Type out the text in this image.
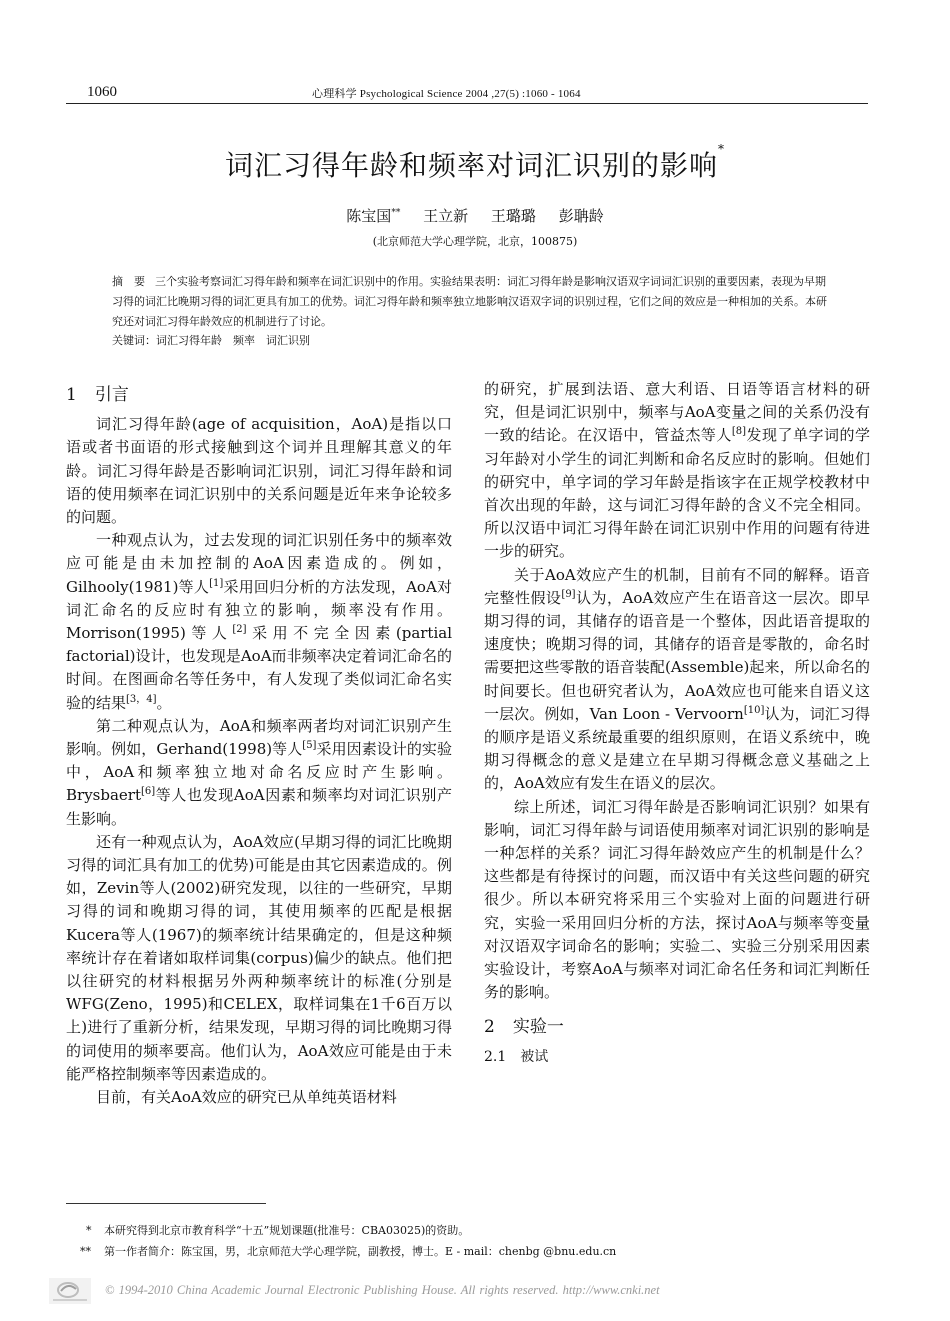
1060	心理科学 Psychological Science 2004 ,27(5) :1060 - 1064
词汇习得年龄和频率对词汇识别的影响*
陈宝国** 王立新 王璐璐 彭聃龄
(北京师范大学心理学院，北京，100875)
摘　要 三个实验考察词汇习得年龄和频率在词汇识别中的作用。实验结果表明：词汇习得年龄是影响汉语双字词词汇识别的重要因素，表现为早期习得的词汇比晚期习得的词汇更具有加工的优势。词汇习得年龄和频率独立地影响汉语双字词的识别过程，它们之间的效应是一种相加的关系。本研究还对词汇习得年龄效应的机制进行了讨论。
关键词：词汇习得年龄　频率　词汇识别
1 引言

词汇习得年龄(age of acquisition，AoA)是指以口语或者书面语的形式接触到这个词并且理解其意义的年龄。词汇习得年龄是否影响词汇识别，词汇习得年龄和词语的使用频率在词汇识别中的关系问题是近年来争论较多的问题。

一种观点认为，过去发现的词汇识别任务中的频率效应可能是由未加控制的AoA因素造成的。例如，Gilhooly(1981)等人[1]采用回归分析的方法发现，AoA对词汇命名的反应时有独立的影响，频率没有作用。Morrison(1995)等人[2]采用不完全因素(partial factorial)设计，也发现是AoA而非频率决定着词汇命名的时间。在图画命名等任务中，有人发现了类似词汇命名实验的结果[3，4]。

第二种观点认为，AoA和频率两者均对词汇识别产生影响。例如，Gerhand(1998)等人[5]采用因素设计的实验中，AoA和频率独立地对命名反应时产生影响。Brysbaert[6]等人也发现AoA因素和频率均对词汇识别产生影响。

还有一种观点认为，AoA效应(早期习得的词汇比晚期习得的词汇具有加工的优势)可能是由其它因素造成的。例如，Zevin等人(2002)研究发现，以往的一些研究，早期习得的词和晚期习得的词，其使用频率的匹配是根据Kucera等人(1967)的频率统计结果确定的，但是这种频率统计存在着诸如取样词集(corpus)偏少的缺点。他们把以往研究的材料根据另外两种频率统计的标准(分别是WFG(Zeno，1995)和CELEX，取样词集在1千6百万以上)进行了重新分析，结果发现，早期习得的词比晚期习得的词使用的频率要高。他们认为，AoA效应可能是由于未能严格控制频率等因素造成的。

目前，有关AoA效应的研究已从单纯英语材料

的研究，扩展到法语、意大利语、日语等语言材料的研究，但是词汇识别中，频率与AoA变量之间的关系仍没有一致的结论。在汉语中，管益杰等人[8]发现了单字词的学习年龄对小学生的词汇判断和命名反应时的影响。但她们的研究中，单字词的学习年龄是指该字在正规学校教材中首次出现的年龄，这与词汇习得年龄的含义不完全相同。所以汉语中词汇习得年龄在词汇识别中作用的问题有待进一步的研究。

关于AoA效应产生的机制，目前有不同的解释。语音完整性假设[9]认为，AoA效应产生在语音这一层次。即早期习得的词，其储存的语音是一个整体，因此语音提取的速度快；晚期习得的词，其储存的语音是零散的，命名时需要把这些零散的语音装配(Assemble)起来，所以命名的时间要长。但也研究者认为，AoA效应也可能来自语义这一层次。例如，Van Loon - Vervoorn[10]认为，词汇习得的顺序是语义系统最重要的组织原则，在语义系统中，晚期习得概念的意义是建立在早期习得概念意义基础之上的，AoA效应有发生在语义的层次。

综上所述，词汇习得年龄是否影响词汇识别？如果有影响，词汇习得年龄与词语使用频率对词汇识别的影响是一种怎样的关系？词汇习得年龄效应产生的机制是什么？这些都是有待探讨的问题，而汉语中有关这些问题的研究很少。所以本研究将采用三个实验对上面的问题进行研究，实验一采用回归分析的方法，探讨AoA与频率等变量对汉语双字词命名的影响；实验二、实验三分别采用因素实验设计，考察AoA与频率对词汇命名任务和词汇判断任务的影响。

2 实验一
2.1 被试
* 本研究得到北京市教育科学“十五”规划课题(批准号：CBA03025)的资助。
** 第一作者简介：陈宝国，男，北京师范大学心理学院，副教授，博士。E - mail：chenbg @bnu.edu.cn
© 1994-2010 China Academic Journal Electronic Publishing House. All rights reserved. http://www.cnki.net
